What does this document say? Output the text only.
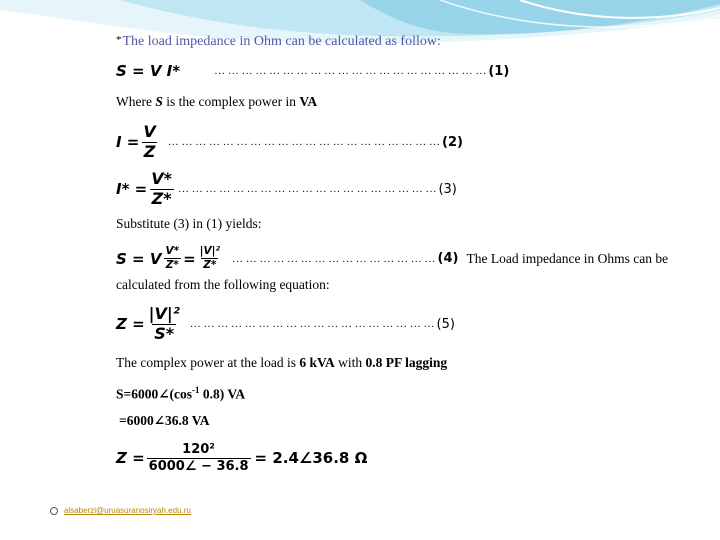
*The load impedance in Ohm can be calculated as follow:
S = V I*	… … … … … … … … … … … … … … … … … … … … (1)
Where S is the complex power in VA
$I = \frac{V}{Z}$ … … … … … … … … … … … … … … … … … … … … (2)
$I* = \frac{V*}{Z*}$ … … … … … … … … … … … … … … … … … … … (3)
Substitute (3) in (1) yields:
S = V $\frac{V*}{Z*} = \frac{\text{|V|²}}{Z*}$ … … … … … … … … … … … … … … … (4) The Load impedance in Ohms can be
calculated from the following equation:
$Z = \frac{\text{|V|²}}{S*}$ … … … … … … … … … … … … … … … … … … (5)
The complex power at the load is 6 kVA with 0.8 PF lagging
$S=6000\angle(\cos^{-1}$ 0.8) VA
=6000∠36.8 VA
$Z = \frac{\text{120²}}{6000\angle - 36.8}$ = 2.4∠36.8 Ω
alsaberzi@uruasuranosiryah.edu.ru
